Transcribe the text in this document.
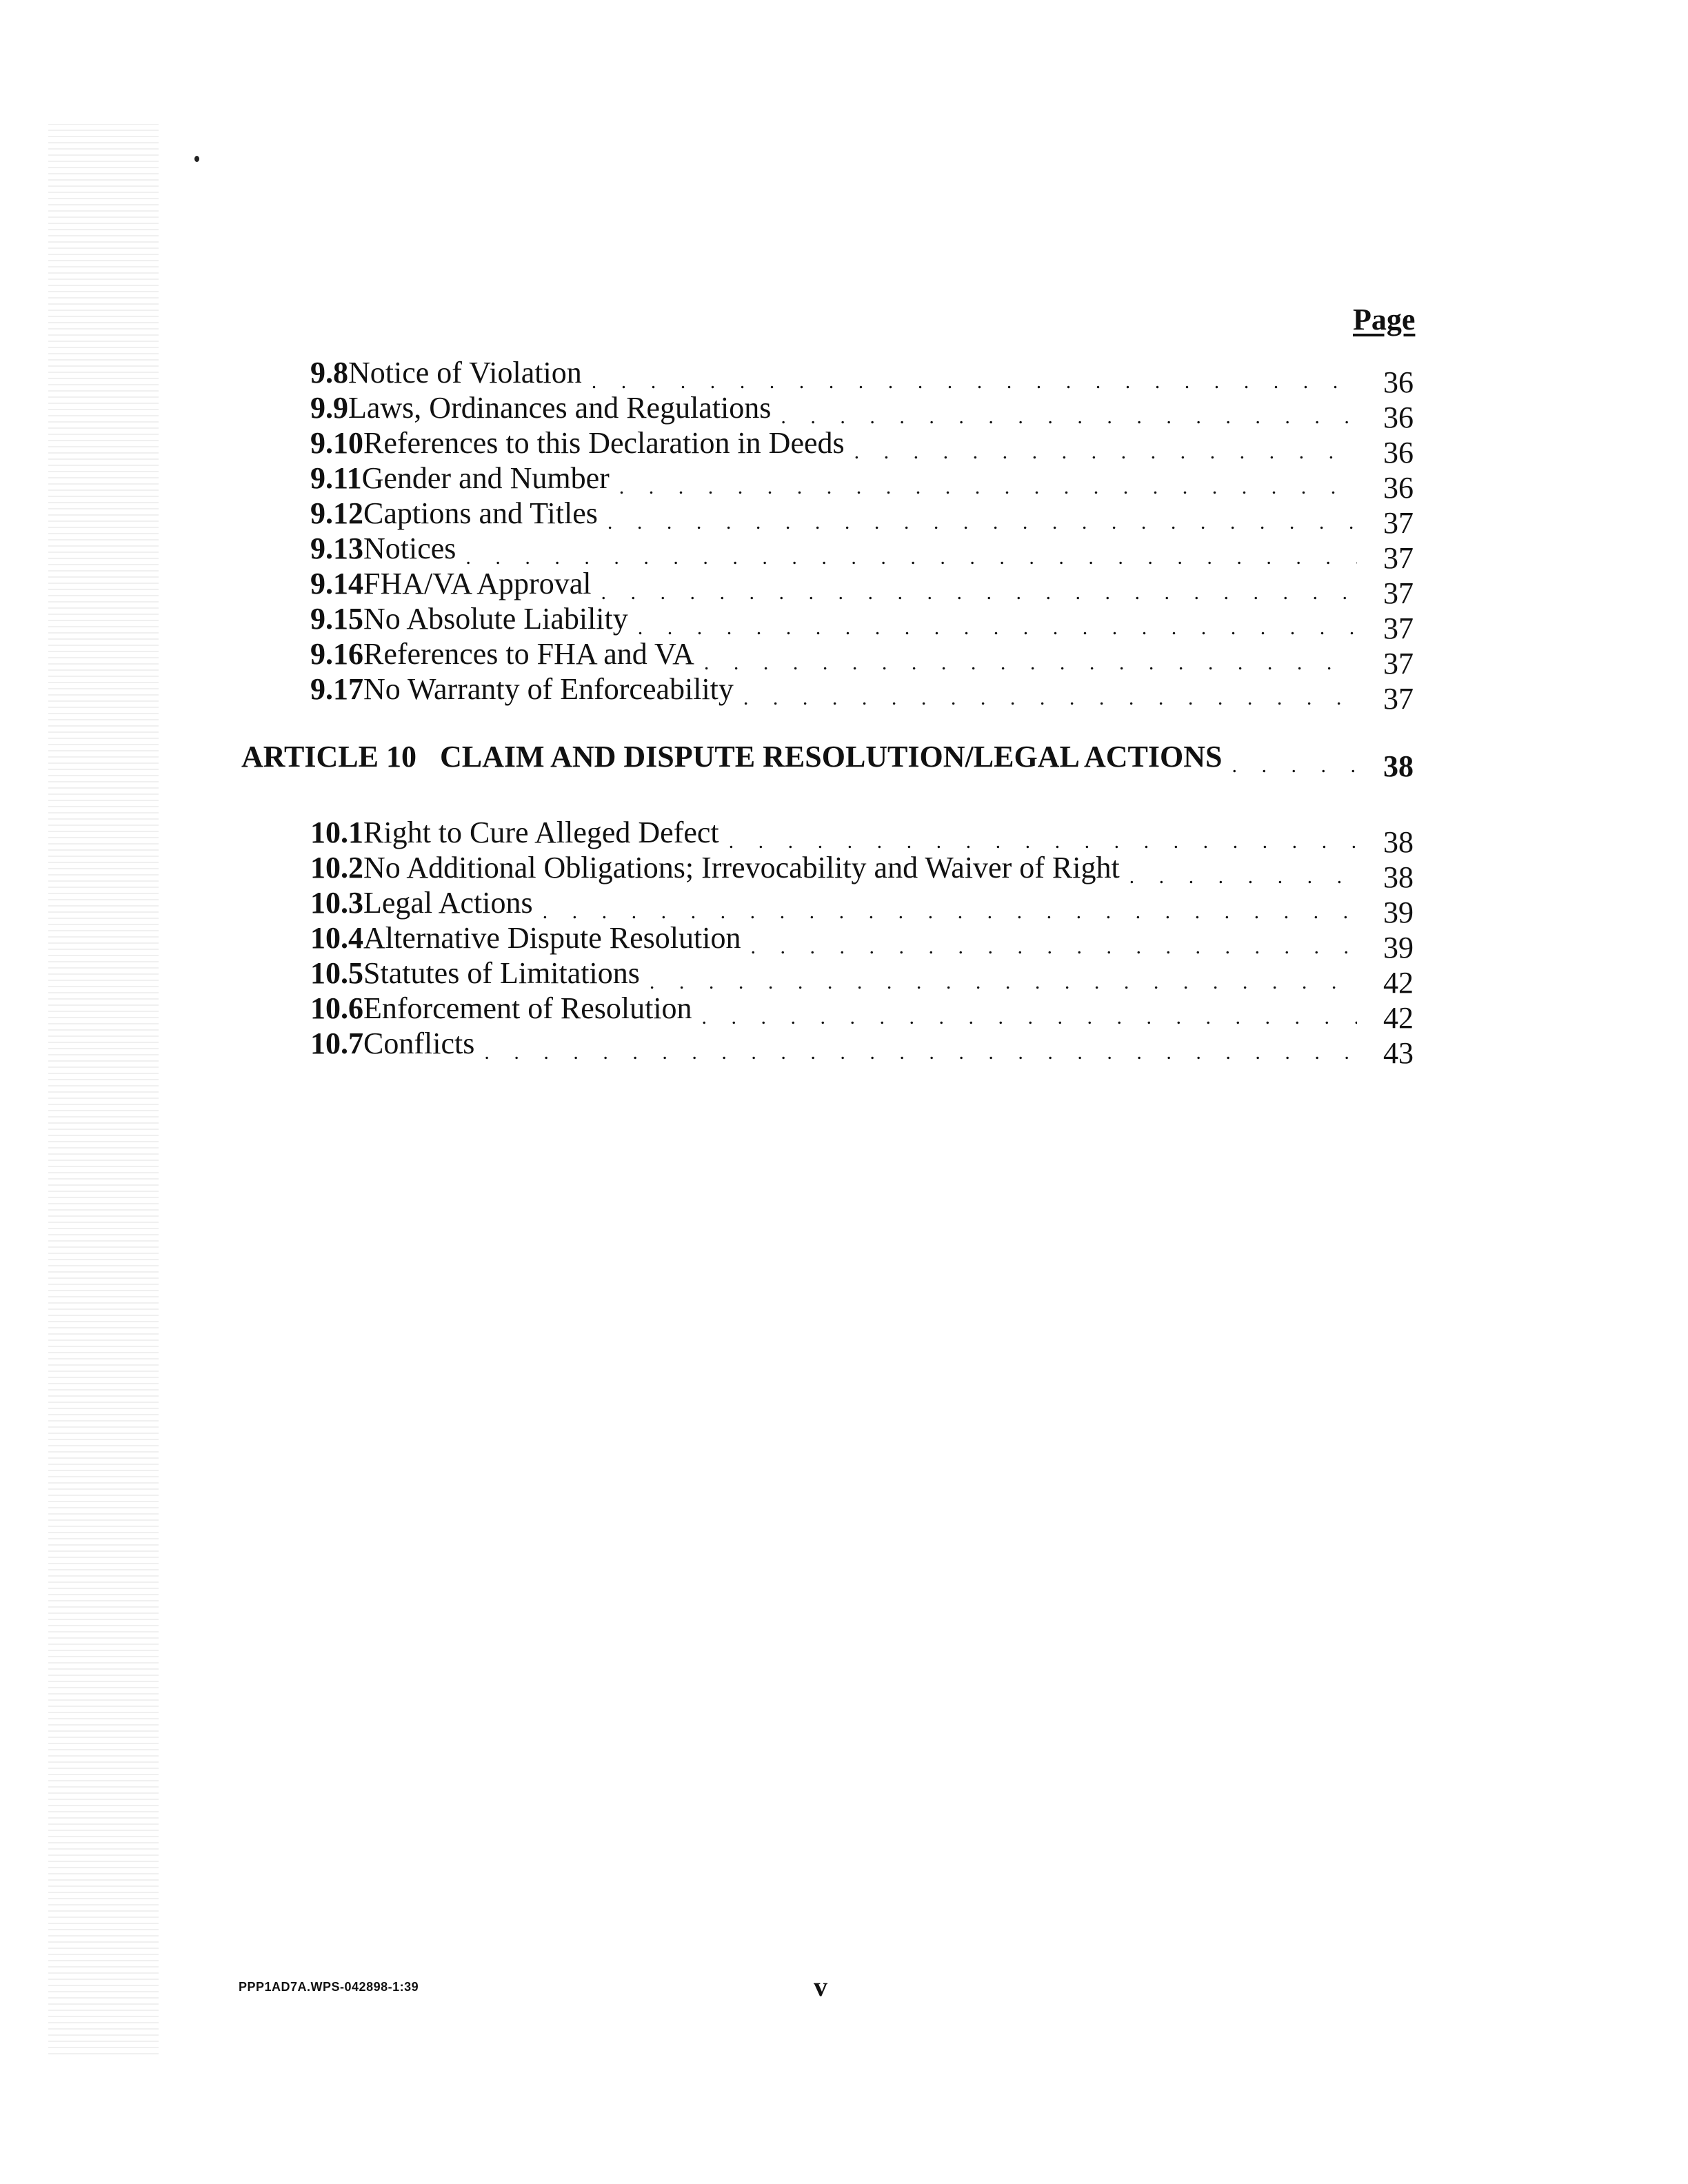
Page
9.8 Notice of Violation . . .	36
9.9 Laws, Ordinances and Regulations . . .	36
9.10 References to this Declaration in Deeds . . .	36
9.11 Gender and Number . . .	36
9.12 Captions and Titles . . .	37
9.13 Notices . . .	37
9.14 FHA/VA Approval . . .	37
9.15 No Absolute Liability . . .	37
9.16 References to FHA and VA . . .	37
9.17 No Warranty of Enforceability . . .	37
ARTICLE 10 CLAIM AND DISPUTE RESOLUTION/LEGAL ACTIONS . . .	38
10.1 Right to Cure Alleged Defect . . .	38
10.2 No Additional Obligations; Irrevocability and Waiver of Right . . .	38
10.3 Legal Actions . . .	39
10.4 Alternative Dispute Resolution . . .	39
10.5 Statutes of Limitations . . .	42
10.6 Enforcement of Resolution . . .	42
10.7 Conflicts . . .	43
PPP1AD7A.WPS-042898-1:39	v
